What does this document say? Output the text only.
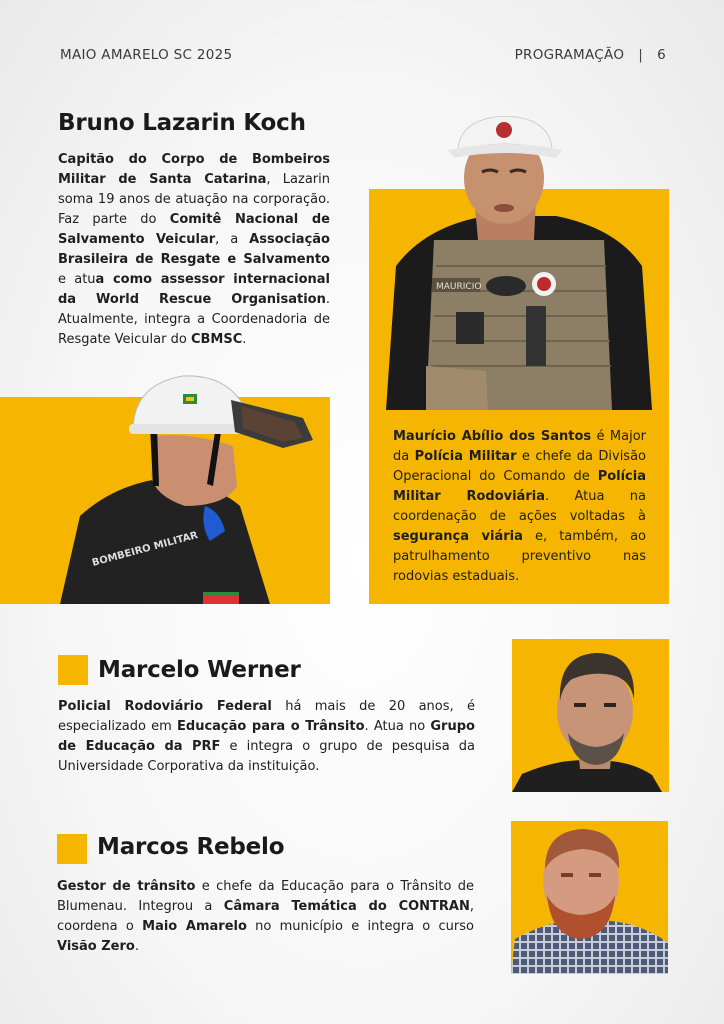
MAIO AMARELO SC 2025	PROGRAMAÇÃO | 6
Bruno Lazarin Koch
Capitão do Corpo de Bombeiros Militar de Santa Catarina, Lazarin soma 19 anos de atuação na corporação. Faz parte do Comitê Nacional de Salvamento Veicular, a Associação Brasileira de Resgate e Salvamento e atua como assessor internacional da World Rescue Organisation. Atualmente, integra a Coordenadoria de Resgate Veicular do CBMSC.
BOMBEIRO MILITAR
MAURICIO
Maurício Abílio dos Santos é Major da Polícia Militar e chefe da Divisão Operacional do Comando de Polícia Militar Rodoviária. Atua na coordenação de ações voltadas à segurança viária e, também, ao patrulhamento preventivo nas rodovias estaduais.
Marcelo Werner
Policial Rodoviário Federal há mais de 20 anos, é especializado em Educação para o Trânsito. Atua no Grupo de Educação da PRF e integra o grupo de pesquisa da Universidade Corporativa da instituição.
Marcos Rebelo
Gestor de trânsito e chefe da Educação para o Trânsito de Blumenau. Integrou a Câmara Temática do CONTRAN, coordena o Maio Amarelo no município e integra o curso Visão Zero.
